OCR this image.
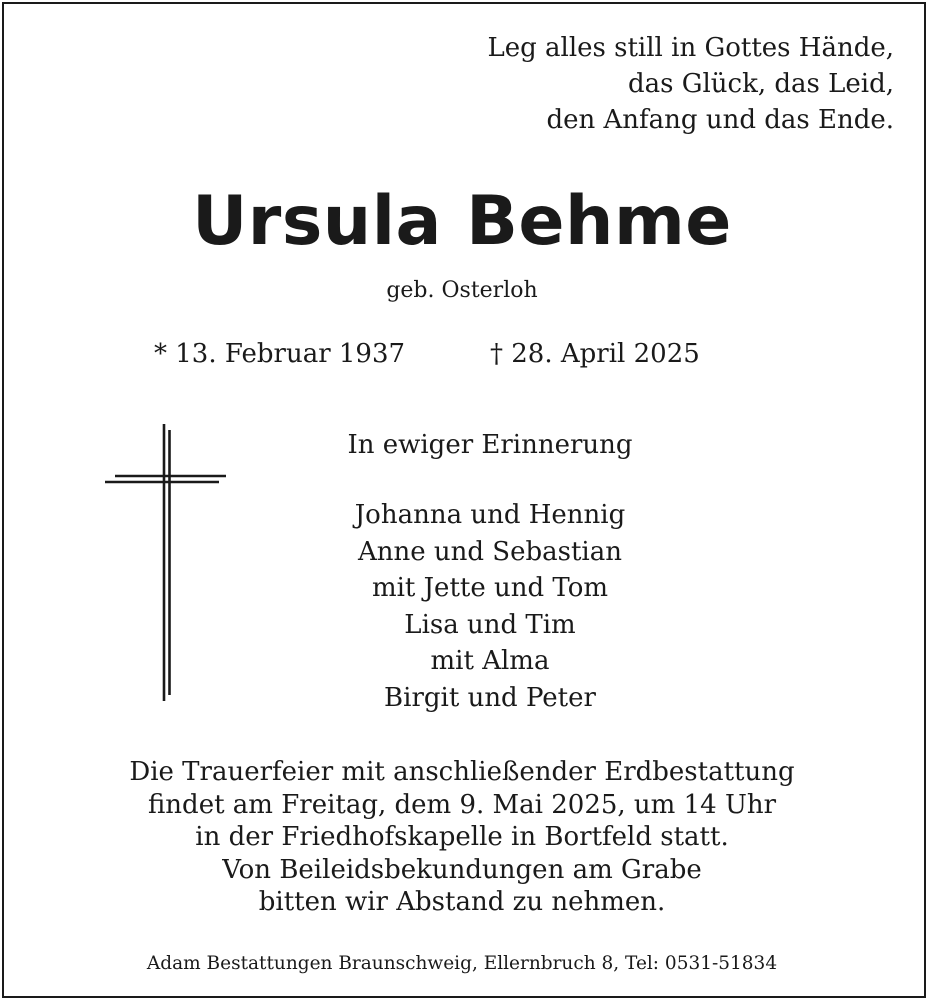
Leg alles still in Gottes Hände,
das Glück, das Leid,
den Anfang und das Ende.
Ursula Behme
geb. Osterloh
* 13. Februar 1937	† 28. April 2025
In ewiger Erinnerung
Johanna und Hennig
Anne und Sebastian
mit Jette und Tom
Lisa und Tim
mit Alma
Birgit und Peter
Die Trauerfeier mit anschließender Erdbestattung
findet am Freitag, dem 9. Mai 2025, um 14 Uhr
in der Friedhofskapelle in Bortfeld statt.
Von Beileidsbekundungen am Grabe
bitten wir Abstand zu nehmen.
Adam Bestattungen Braunschweig, Ellernbruch 8, Tel: 0531-51834
